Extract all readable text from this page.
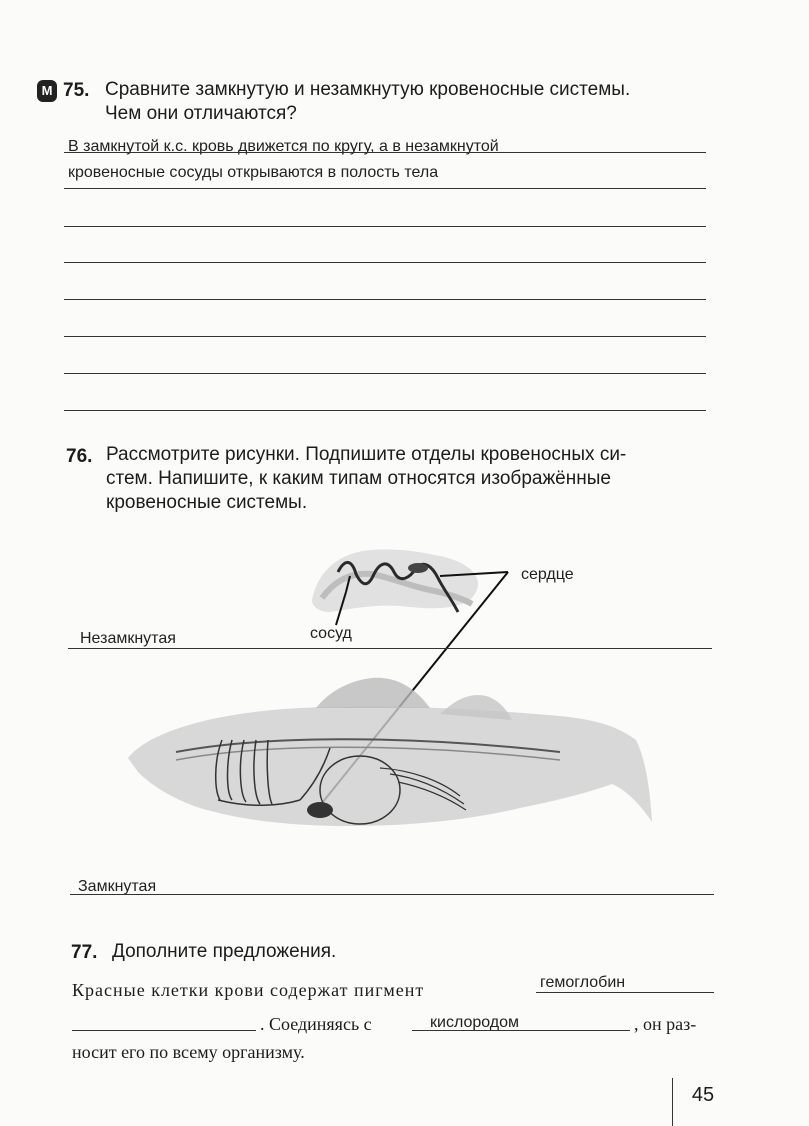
М 75. Сравните замкнутую и незамкнутую кровеносные системы.
Чем они отличаются?
В замкнутой к.с. кровь движется по кругу, а в незамкнутой
кровеносные сосуды открываются в полость тела
76. Рассмотрите рисунки. Подпишите отделы кровеносных си-
стем. Напишите, к каким типам относятся изображённые
кровеносные системы.
сердце
сосуд
Незамкнутая
Замкнутая
77. Дополните предложения.
Красные клетки крови содержат пигмент	гемоглобин
. Соединяясь с	кислородом	, он раз-
носит его по всему организму.
45
